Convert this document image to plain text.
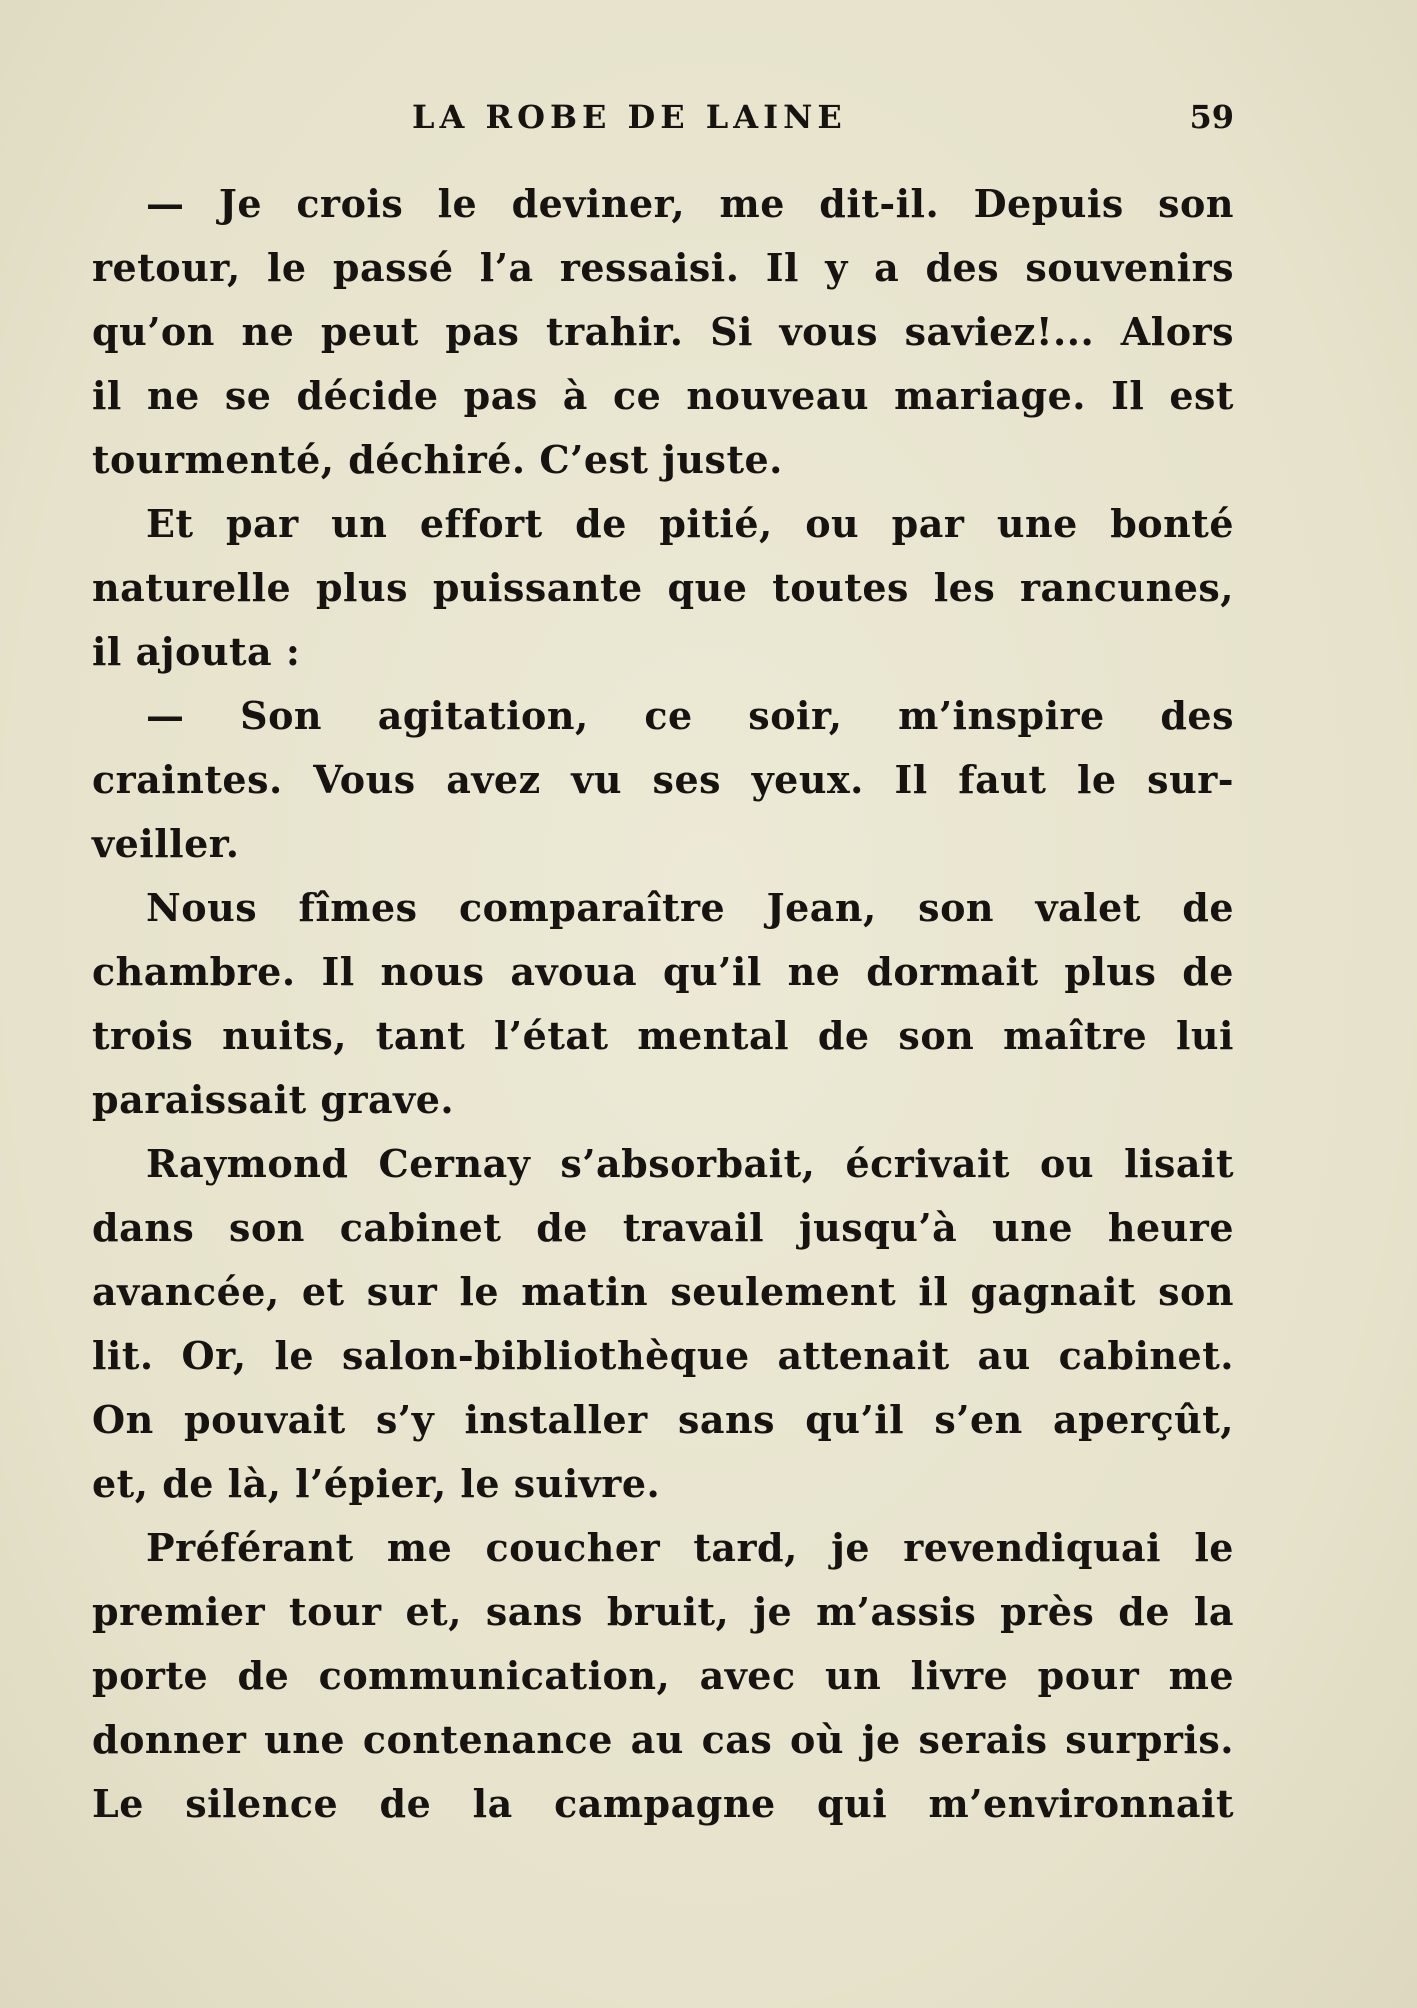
LA ROBE DE LAINE	59
— Je crois le deviner, me dit-il. Depuis son
retour, le passé l’a ressaisi. Il y a des souvenirs
qu’on ne peut pas trahir. Si vous saviez!... Alors
il ne se décide pas à ce nouveau mariage. Il est
tourmenté, déchiré. C’est juste.
Et par un effort de pitié, ou par une bonté
naturelle plus puissante que toutes les rancunes,
il ajouta :
— Son agitation, ce soir, m’inspire des
craintes. Vous avez vu ses yeux. Il faut le sur-
veiller.
Nous fîmes comparaître Jean, son valet de
chambre. Il nous avoua qu’il ne dormait plus de
trois nuits, tant l’état mental de son maître lui
paraissait grave.
Raymond Cernay s’absorbait, écrivait ou lisait
dans son cabinet de travail jusqu’à une heure
avancée, et sur le matin seulement il gagnait son
lit. Or, le salon-bibliothèque attenait au cabinet.
On pouvait s’y installer sans qu’il s’en aperçût,
et, de là, l’épier, le suivre.
Préférant me coucher tard, je revendiquai le
premier tour et, sans bruit, je m’assis près de la
porte de communication, avec un livre pour me
donner une contenance au cas où je serais surpris.
Le silence de la campagne qui m’environnait
